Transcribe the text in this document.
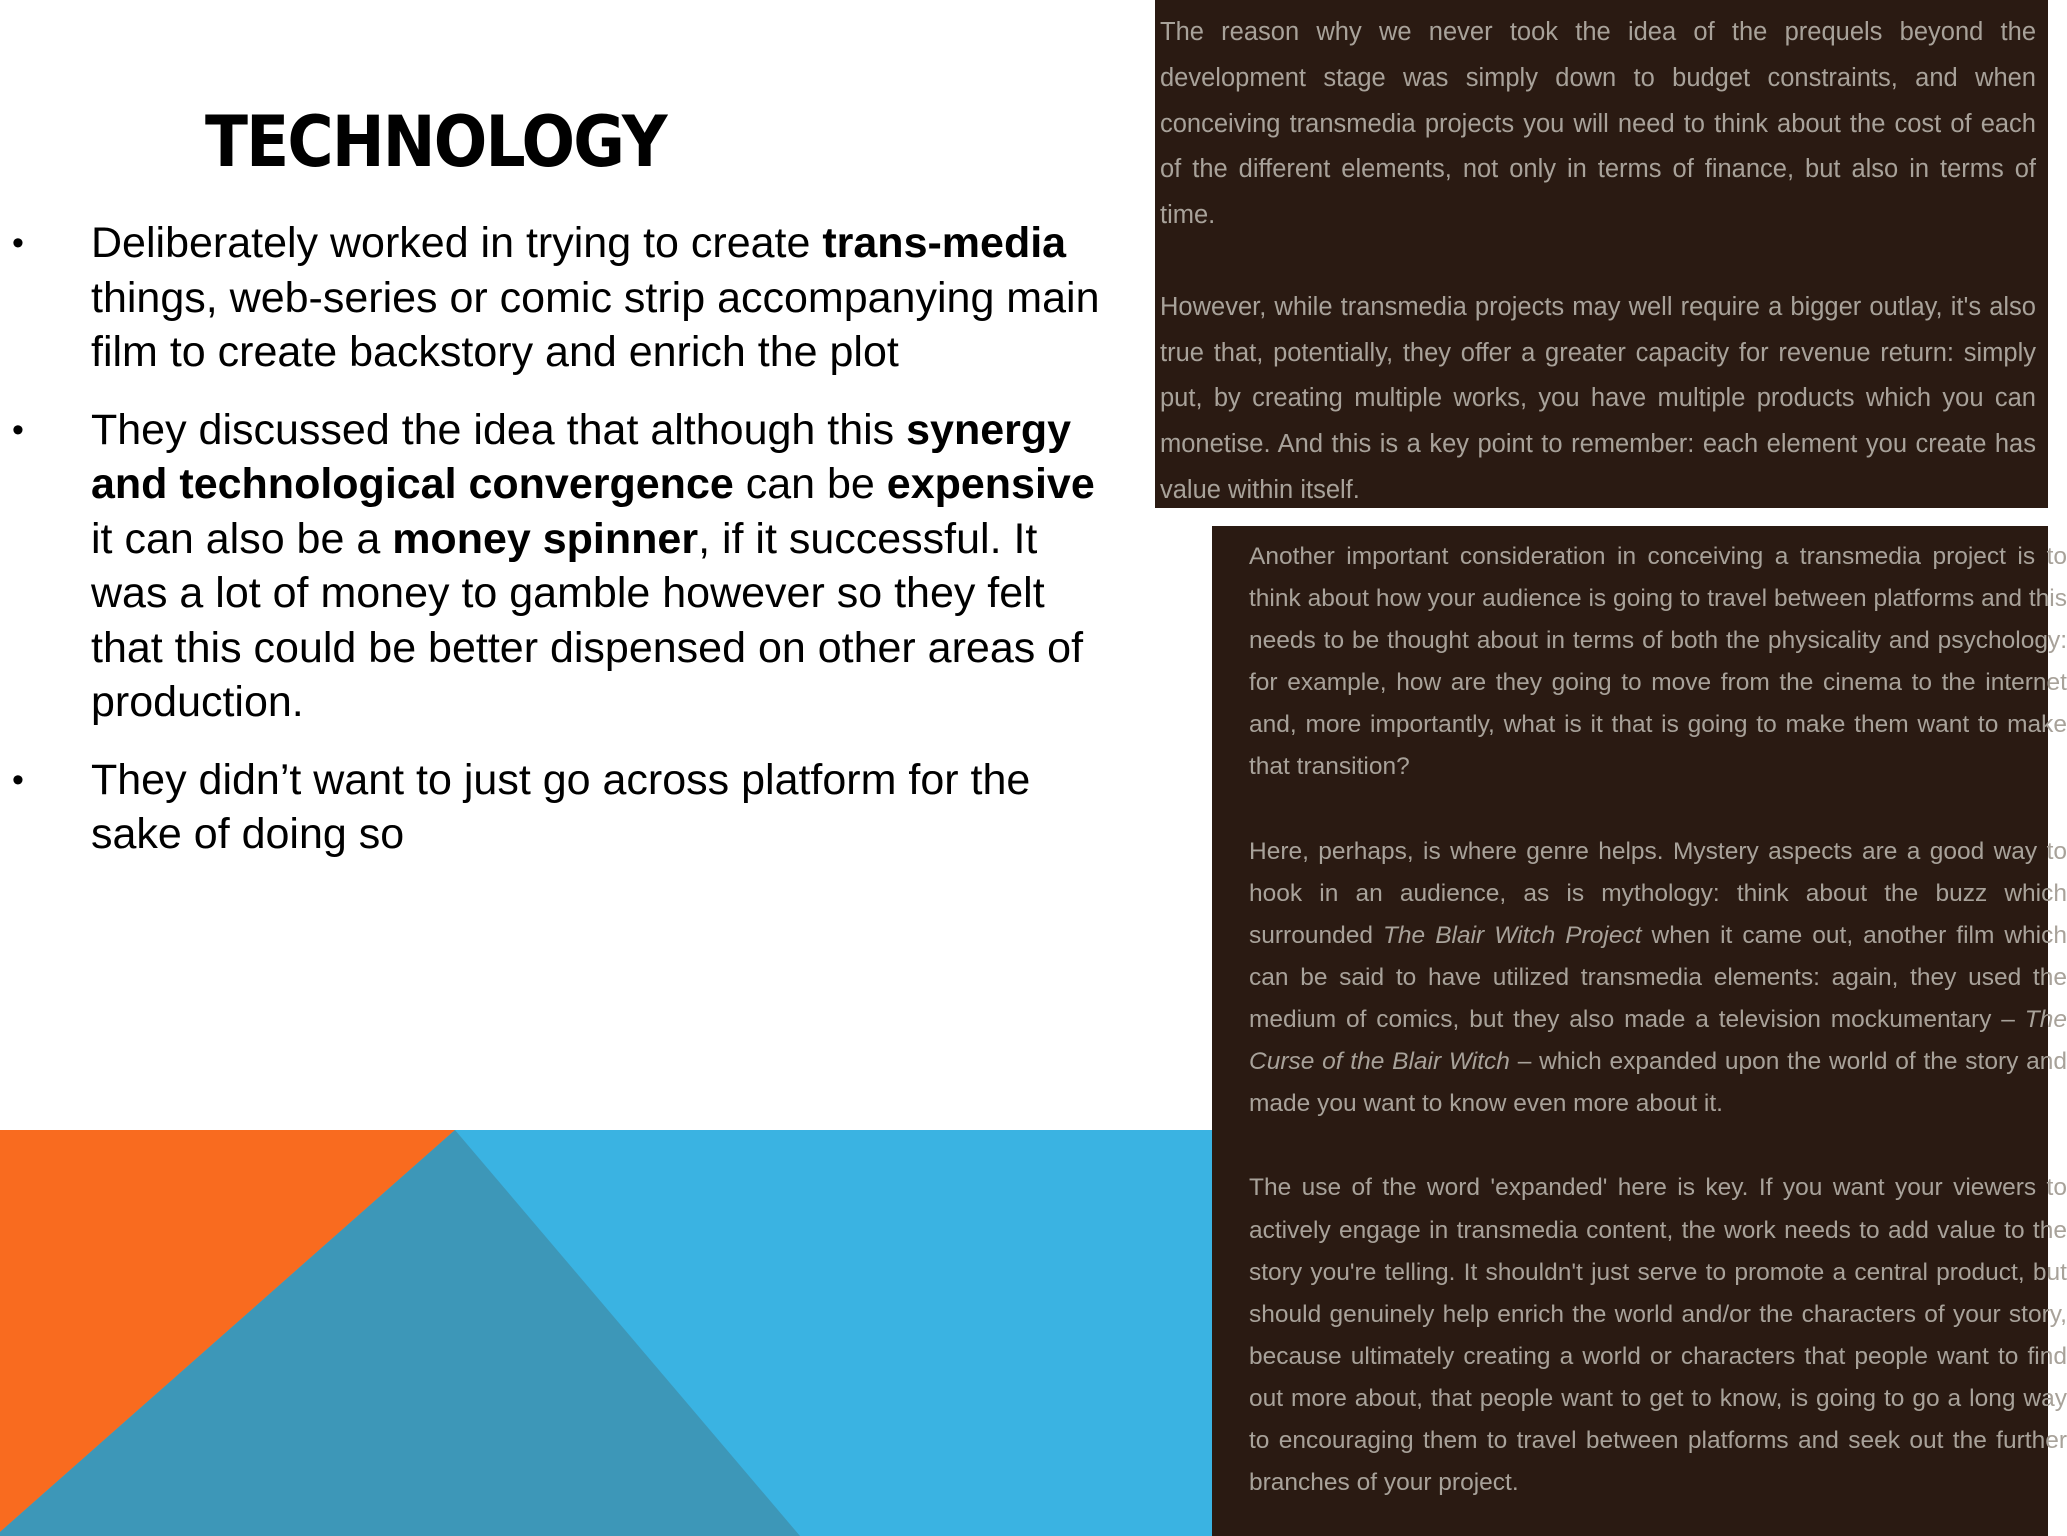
TECHNOLOGY
• Deliberately worked in trying to create trans-media things, web-series or comic strip accompanying main film to create backstory and enrich the plot
• They discussed the idea that although this synergy and technological convergence can be expensive it can also be a money spinner, if it successful. It was a lot of money to gamble however so they felt that this could be better dispensed on other areas of production.
• They didn’t want to just go across platform for the sake of doing so

The reason why we never took the idea of the prequels beyond the development stage was simply down to budget constraints, and when conceiving transmedia projects you will need to think about the cost of each of the different elements, not only in terms of finance, but also in terms of time.

However, while transmedia projects may well require a bigger outlay, it's also true that, potentially, they offer a greater capacity for revenue return: simply put, by creating multiple works, you have multiple products which you can monetise. And this is a key point to remember: each element you create has value within itself.

Another important consideration in conceiving a transmedia project is to think about how your audience is going to travel between platforms and this needs to be thought about in terms of both the physicality and psychology: for example, how are they going to move from the cinema to the internet and, more importantly, what is it that is going to make them want to make that transition?

Here, perhaps, is where genre helps. Mystery aspects are a good way to hook in an audience, as is mythology: think about the buzz which surrounded The Blair Witch Project when it came out, another film which can be said to have utilized transmedia elements: again, they used the medium of comics, but they also made a television mockumentary – The Curse of the Blair Witch – which expanded upon the world of the story and made you want to know even more about it.

The use of the word 'expanded' here is key. If you want your viewers to actively engage in transmedia content, the work needs to add value to the story you're telling. It shouldn't just serve to promote a central product, but should genuinely help enrich the world and/or the characters of your story, because ultimately creating a world or characters that people want to find out more about, that people want to get to know, is going to go a long way to encouraging them to travel between platforms and seek out the further branches of your project.
